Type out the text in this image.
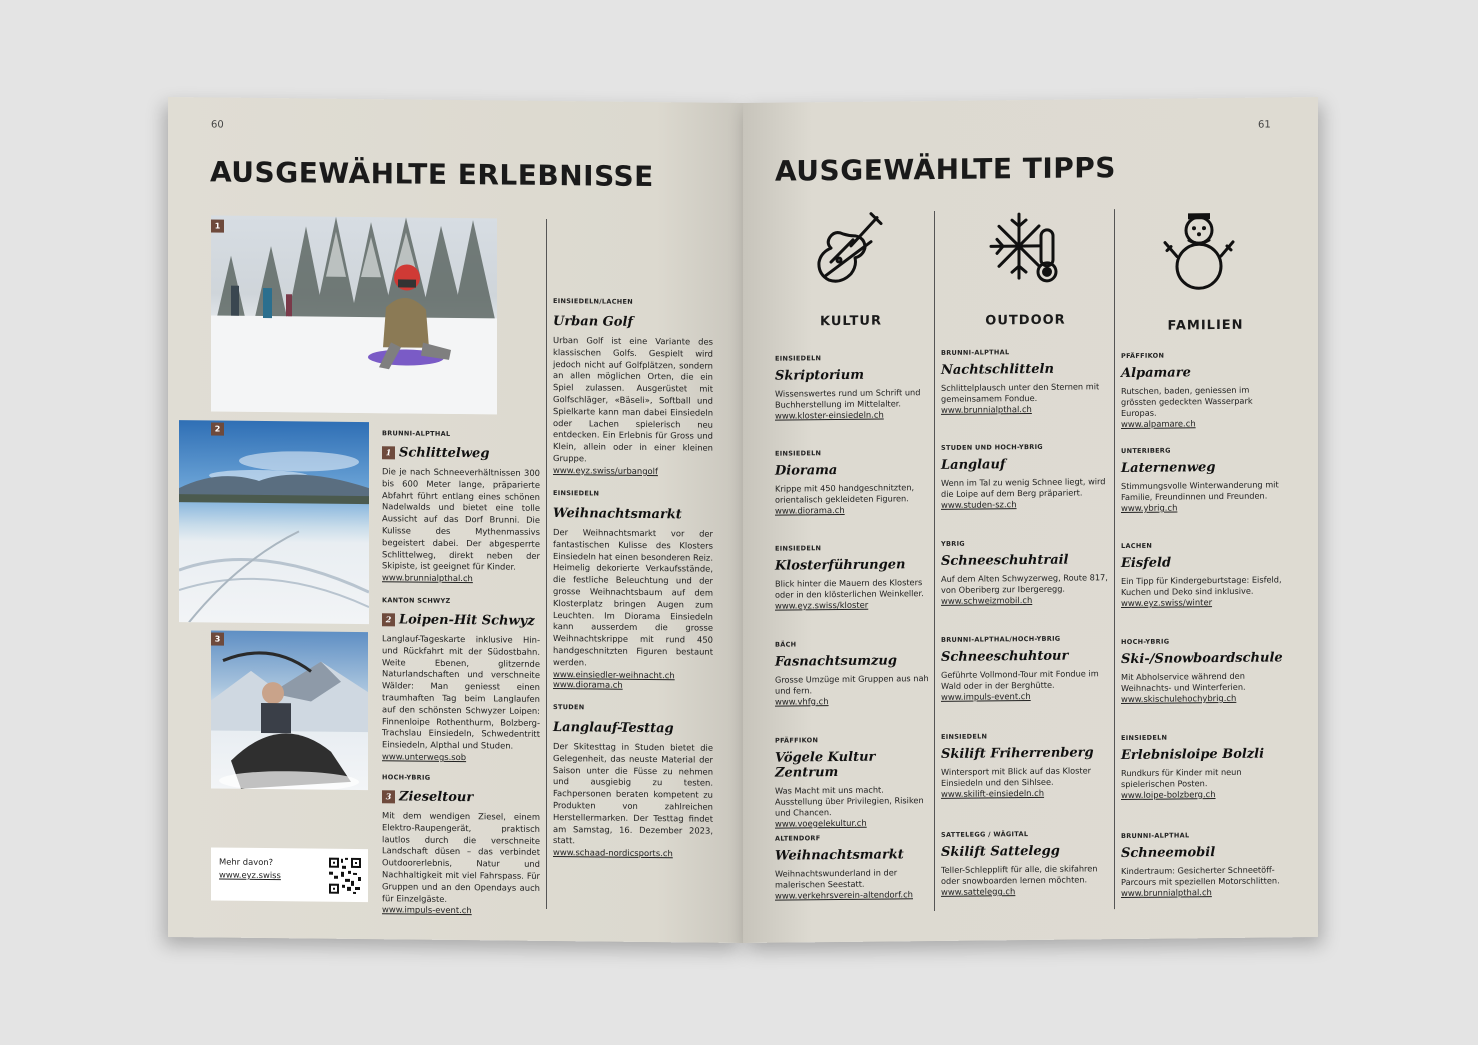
60
AUSGEWÄHLTE ERLEBNISSE
1
2
3
Mehr davon?
www.eyz.swiss
BRUNNI-ALPTHAL
1 Schlittelweg
Die je nach Schneeverhältnissen 300 bis 600 Meter lange, präparierte Abfahrt führt entlang eines schönen Nadelwalds und bietet eine tolle Aussicht auf das Dorf Brunni. Die Kulisse des Mythenmassivs begeistert dabei. Der abgesperrte Schlittelweg, direkt neben der Skipiste, ist geeignet für Kinder.
www.brunnialpthal.ch
KANTON SCHWYZ
2 Loipen-Hit Schwyz
Langlauf-Tageskarte inklusive Hin- und Rückfahrt mit der Südostbahn. Weite Ebenen, glitzernde Naturlandschaften und verschneite Wälder: Man geniesst einen traumhaften Tag beim Langlaufen auf den schönsten Schwyzer Loipen: Finnenloipe Rothenthurm, Bolzberg-Trachslau Einsiedeln, Schwedentritt Einsiedeln, Alpthal und Studen.
www.unterwegs.sob
HOCH-YBRIG
3 Zieseltour
Mit dem wendigen Ziesel, einem Elektro-Raupengerät, praktisch lautlos durch die verschneite Landschaft düsen – das verbindet Outdoorerlebnis, Natur und Nachhaltigkeit mit viel Fahrspass. Für Gruppen und an den Opendays auch für Einzelgäste.
www.impuls-event.ch
EINSIEDELN/LACHEN
Urban Golf
Urban Golf ist eine Variante des klassischen Golfs. Gespielt wird jedoch nicht auf Golfplätzen, sondern an allen möglichen Orten, die ein Spiel zulassen. Ausgerüstet mit Golfschläger, «Bäseli», Softball und Spielkarte kann man dabei Einsiedeln oder Lachen spielerisch neu entdecken. Ein Erlebnis für Gross und Klein, allein oder in einer kleinen Gruppe.
www.eyz.swiss/urbangolf
EINSIEDELN
Weihnachtsmarkt
Der Weihnachtsmarkt vor der fantastischen Kulisse des Klosters Einsiedeln hat einen besonderen Reiz. Heimelig dekorierte Verkaufsstände, die festliche Beleuchtung und der grosse Weihnachtsbaum auf dem Klosterplatz bringen Augen zum Leuchten. Im Diorama Einsiedeln kann ausserdem die grosse Weihnachtskrippe mit rund 450 handgeschnitzten Figuren bestaunt werden.
www.einsiedler-weihnacht.ch
www.diorama.ch
STUDEN
Langlauf-Testtag
Der Skitesttag in Studen bietet die Gelegenheit, das neuste Material der Saison unter die Füsse zu nehmen und ausgiebig zu testen. Fachpersonen beraten kompetent zu Produkten von zahlreichen Herstellermarken. Der Testtag findet am Samstag, 16. Dezember 2023, statt.
www.schaad-nordicsports.ch
61
AUSGEWÄHLTE TIPPS
KULTUR	OUTDOOR	FAMILIEN
EINSIEDELN
Skriptorium
Wissenswertes rund um Schrift und Buchherstellung im Mittelalter.
www.kloster-einsiedeln.ch
EINSIEDELN
Diorama
Krippe mit 450 handgeschnitzten, orientalisch gekleideten Figuren.
www.diorama.ch
EINSIEDELN
Klosterführungen
Blick hinter die Mauern des Klosters oder in den klösterlichen Weinkeller.
www.eyz.swiss/kloster
BÄCH
Fasnachtsumzug
Grosse Umzüge mit Gruppen aus nah und fern.
www.vhfg.ch
PFÄFFIKON
Vögele Kultur Zentrum
Was Macht mit uns macht. Ausstellung über Privilegien, Risiken und Chancen.
www.voegelekultur.ch
ALTENDORF
Weihnachtsmarkt
Weihnachtswunderland in der malerischen Seestatt.
www.verkehrsverein-altendorf.ch
BRUNNI-ALPTHAL
Nachtschlitteln
Schlittelplausch unter den Sternen mit gemeinsamem Fondue.
www.brunnialpthal.ch
STUDEN UND HOCH-YBRIG
Langlauf
Wenn im Tal zu wenig Schnee liegt, wird die Loipe auf dem Berg präpariert.
www.studen-sz.ch
YBRIG
Schneeschuhtrail
Auf dem Alten Schwyzerweg, Route 817, von Oberiberg zur Ibergeregg.
www.schweizmobil.ch
BRUNNI-ALPTHAL/HOCH-YBRIG
Schneeschuhtour
Geführte Vollmond-Tour mit Fondue im Wald oder in der Berghütte.
www.impuls-event.ch
EINSIEDELN
Skilift Friherrenberg
Wintersport mit Blick auf das Kloster Einsiedeln und den Sihlsee.
www.skilift-einsiedeln.ch
SATTELEGG / WÄGITAL
Skilift Sattelegg
Teller-Schlepplift für alle, die skifahren oder snowboarden lernen möchten.
www.sattelegg.ch
PFÄFFIKON
Alpamare
Rutschen, baden, geniessen im grössten gedeckten Wasserpark Europas.
www.alpamare.ch
UNTERIBERG
Laternenweg
Stimmungsvolle Winterwanderung mit Familie, Freundinnen und Freunden.
www.ybrig.ch
LACHEN
Eisfeld
Ein Tipp für Kindergeburtstage: Eisfeld, Kuchen und Deko sind inklusive.
www.eyz.swiss/winter
HOCH-YBRIG
Ski-/Snowboardschule
Mit Abholservice während den Weihnachts- und Winterferien.
www.skischulehochybrig.ch
EINSIEDELN
Erlebnisloipe Bolzli
Rundkurs für Kinder mit neun spielerischen Posten.
www.loipe-bolzberg.ch
BRUNNI-ALPTHAL
Schneemobil
Kindertraum: Gesicherter Schneetöff-Parcours mit speziellen Motorschlitten.
www.brunnialpthal.ch
